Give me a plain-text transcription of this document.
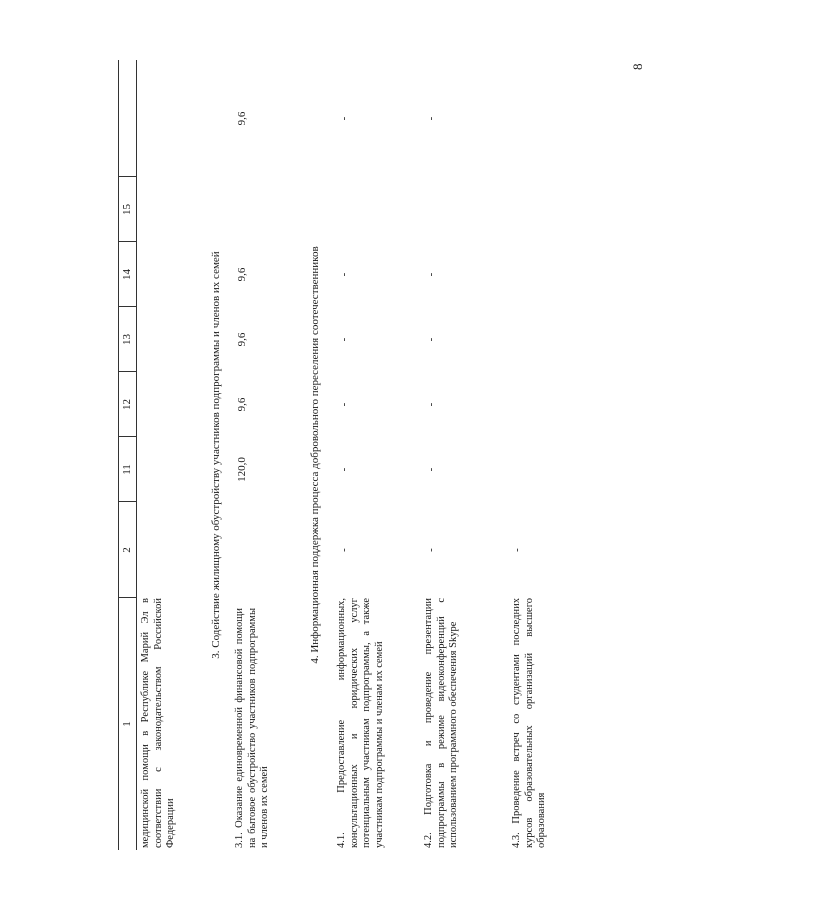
8
1
2
11
12
13
14
15
медицинской помощи в Республике Марий Эл в соответствии с законодательством Российской Федерации
3. Содействие жилищному обустройству участников подпрограммы и членов их семей
3.1. Оказание единовременной финансовой помощи на бытовое обустройство участников подпрограммы и членов их семей
120,0
9,6
9,6
9,6
9,6
4. Информационная поддержка процесса добровольного переселения соотечественников
4.1. Предоставление информационных, консультационных и юридических услуг потенциальным участникам подпрограммы, а также участникам подпрограммы и членам их семей
-
-
-
-
-
-
4.2. Подготовка и проведение презентации подпрограммы в режиме видеоконференций с использованием программного обеспечения Skype
-
-
-
-
-
-
4.3. Проведение встреч со студентами последних курсов образовательных организаций высшего образования
-
